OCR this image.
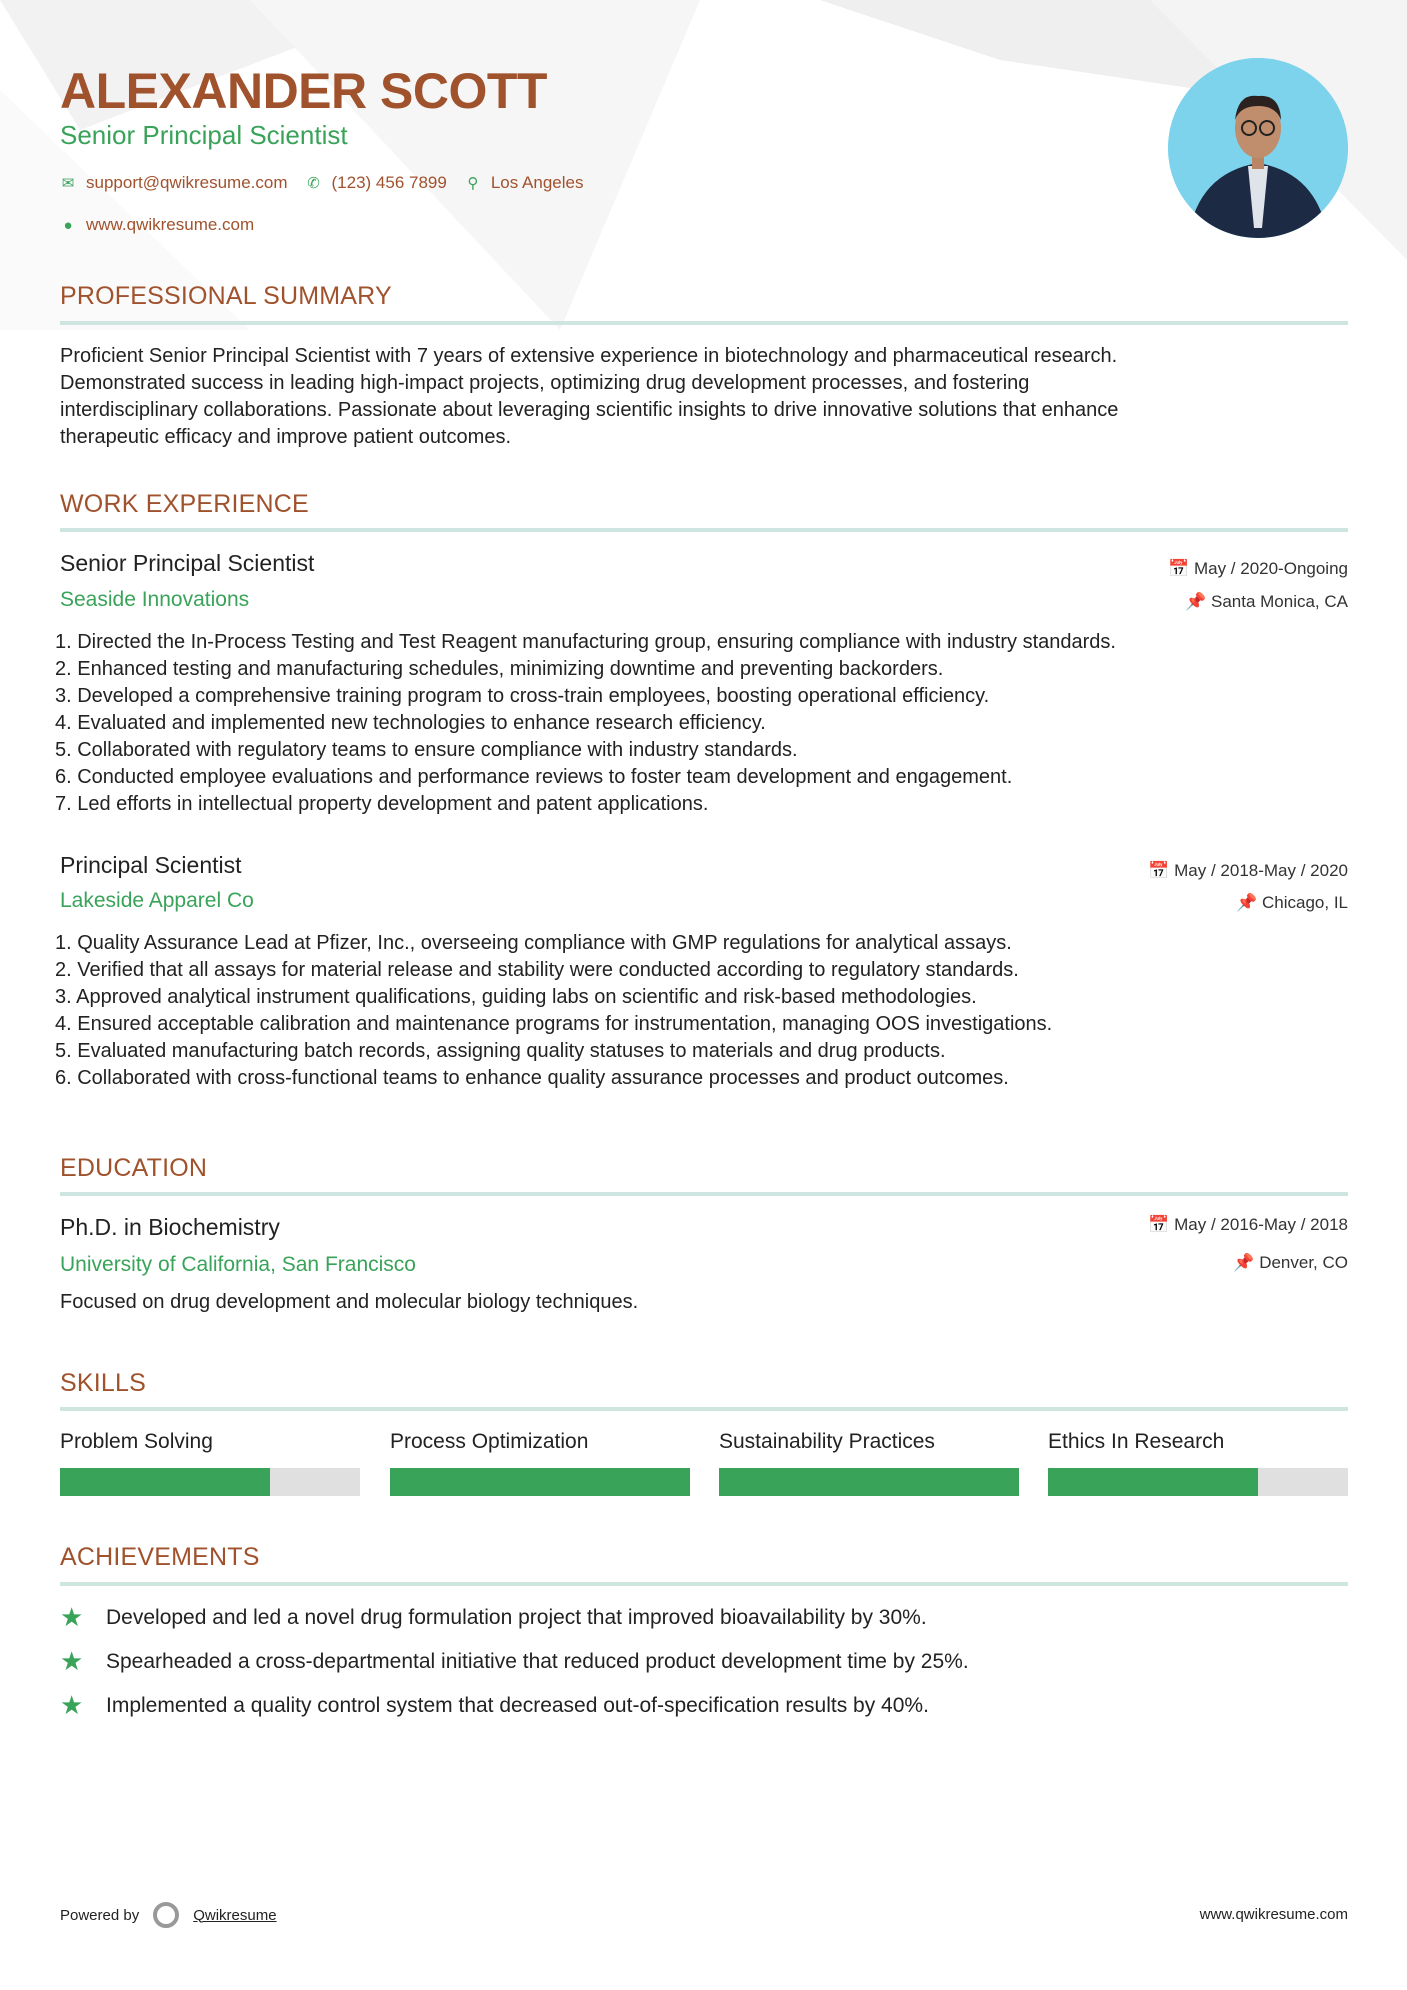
ALEXANDER SCOTT
Senior Principal Scientist
✉ support@qwikresume.com ✆ (123) 456 7899	⚲ Los Angeles
● www.qwikresume.com
PROFESSIONAL SUMMARY
Proficient Senior Principal Scientist with 7 years of extensive experience in biotechnology and pharmaceutical research.
Demonstrated success in leading high-impact projects, optimizing drug development processes, and fostering
interdisciplinary collaborations. Passionate about leveraging scientific insights to drive innovative solutions that enhance
therapeutic efficacy and improve patient outcomes.
WORK EXPERIENCE
Senior Principal Scientist
Seaside Innovations
📅 May / 2020-Ongoing
📌 Santa Monica, CA
1. Directed the In-Process Testing and Test Reagent manufacturing group, ensuring compliance with industry standards.
2. Enhanced testing and manufacturing schedules, minimizing downtime and preventing backorders.
3. Developed a comprehensive training program to cross-train employees, boosting operational efficiency.
4. Evaluated and implemented new technologies to enhance research efficiency.
5. Collaborated with regulatory teams to ensure compliance with industry standards.
6. Conducted employee evaluations and performance reviews to foster team development and engagement.
7. Led efforts in intellectual property development and patent applications.
Principal Scientist
Lakeside Apparel Co
📅 May / 2018-May / 2020
📌 Chicago, IL
1. Quality Assurance Lead at Pfizer, Inc., overseeing compliance with GMP regulations for analytical assays.
2. Verified that all assays for material release and stability were conducted according to regulatory standards.
3. Approved analytical instrument qualifications, guiding labs on scientific and risk-based methodologies.
4. Ensured acceptable calibration and maintenance programs for instrumentation, managing OOS investigations.
5. Evaluated manufacturing batch records, assigning quality statuses to materials and drug products.
6. Collaborated with cross-functional teams to enhance quality assurance processes and product outcomes.
EDUCATION
Ph.D. in Biochemistry
University of California, San Francisco
📅 May / 2016-May / 2018
📌 Denver, CO
Focused on drug development and molecular biology techniques.
SKILLS
Problem Solving	Process Optimization	Sustainability Practices	Ethics In Research
ACHIEVEMENTS
★	Developed and led a novel drug formulation project that improved bioavailability by 30%.
★	Spearheaded a cross-departmental initiative that reduced product development time by 25%.
★	Implemented a quality control system that decreased out-of-specification results by 40%.
Powered by	Qwikresume	www.qwikresume.com
